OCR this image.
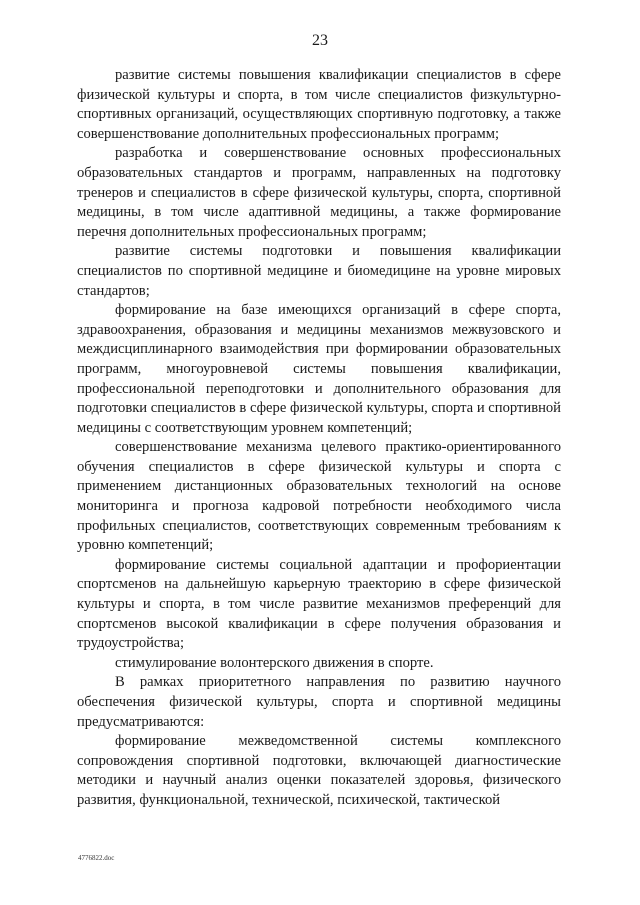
23

развитие системы повышения квалификации специалистов в сфере физической культуры и спорта, в том числе специалистов физкультурно-спортивных организаций, осуществляющих спортивную подготовку, а также совершенствование дополнительных профессиональных программ;

разработка и совершенствование основных профессиональных образовательных стандартов и программ, направленных на подготовку тренеров и специалистов в сфере физической культуры, спорта, спортивной медицины, в том числе адаптивной медицины, а также формирование перечня дополнительных профессиональных программ;

развитие системы подготовки и повышения квалификации специалистов по спортивной медицине и биомедицине на уровне мировых стандартов;

формирование на базе имеющихся организаций в сфере спорта, здравоохранения, образования и медицины механизмов межвузовского и междисциплинарного взаимодействия при формировании образовательных программ, многоуровневой системы повышения квалификации, профессиональной переподготовки и дополнительного образования для подготовки специалистов в сфере физической культуры, спорта и спортивной медицины с соответствующим уровнем компетенций;

совершенствование механизма целевого практико-ориентированного обучения специалистов в сфере физической культуры и спорта с применением дистанционных образовательных технологий на основе мониторинга и прогноза кадровой потребности необходимого числа профильных специалистов, соответствующих современным требованиям к уровню компетенций;

формирование системы социальной адаптации и профориентации спортсменов на дальнейшую карьерную траекторию в сфере физической культуры и спорта, в том числе развитие механизмов преференций для спортсменов высокой квалификации в сфере получения образования и трудоустройства;

стимулирование волонтерского движения в спорте.

В рамках приоритетного направления по развитию научного обеспечения физической культуры, спорта и спортивной медицины предусматриваются:

формирование межведомственной системы комплексного сопровождения спортивной подготовки, включающей диагностические методики и научный анализ оценки показателей здоровья, физического развития, функциональной, технической, психической, тактической

4776822.doc
